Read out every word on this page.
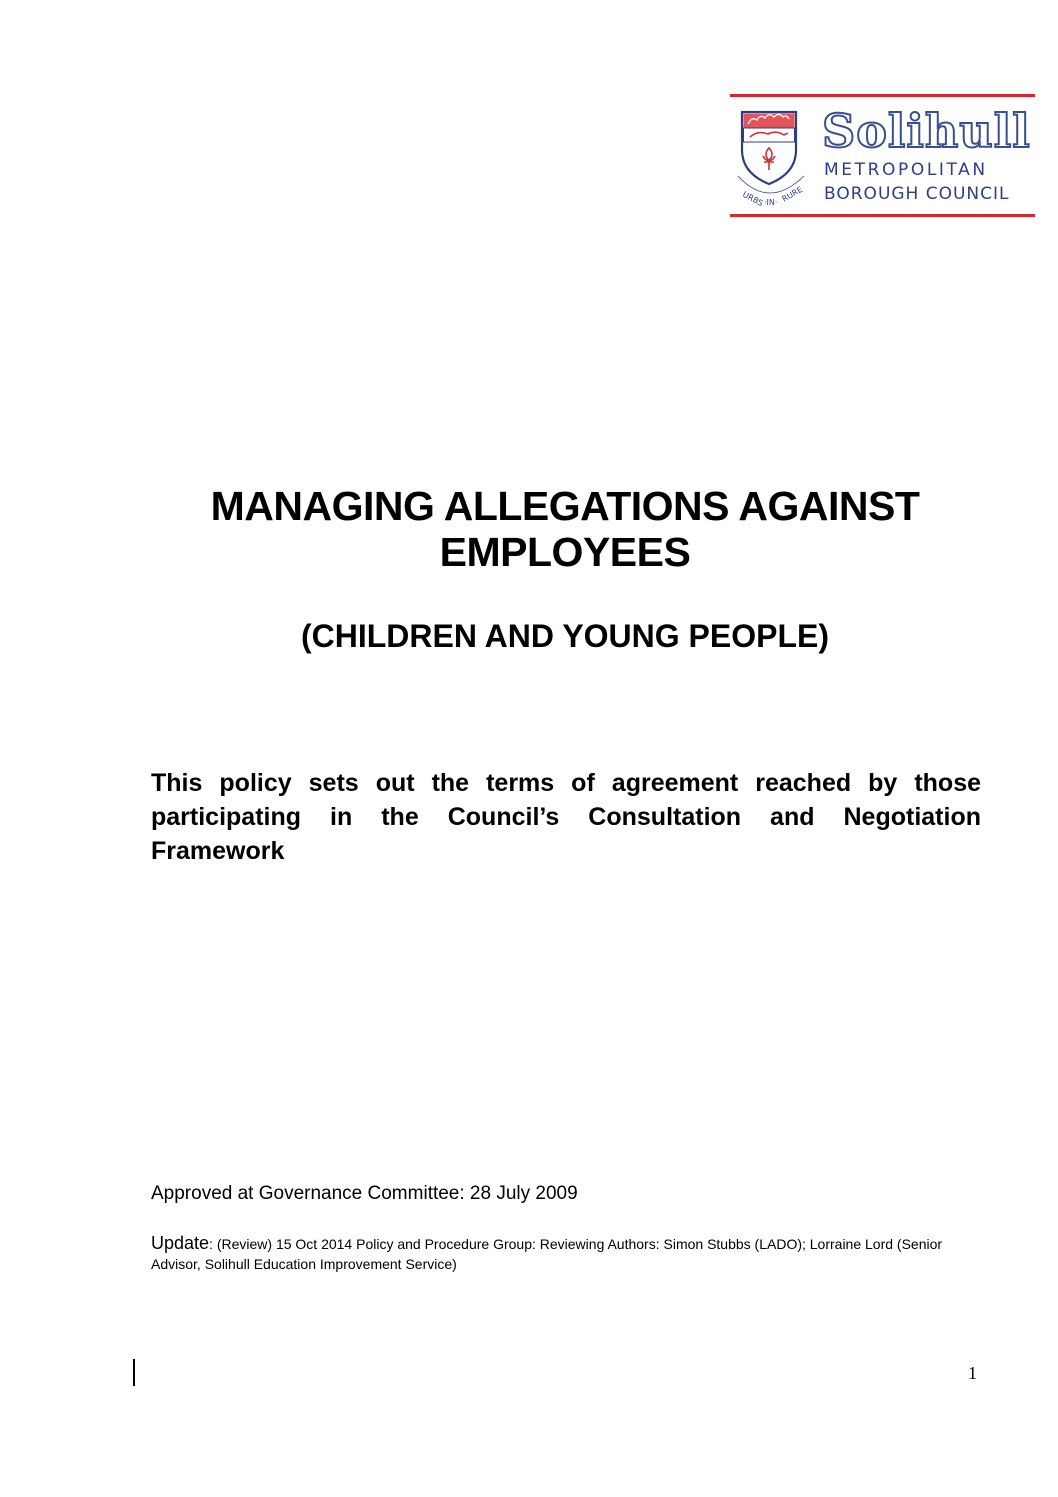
URBS ·IN· RURE
Solihull
METROPOLITAN
BOROUGH COUNCIL
MANAGING ALLEGATIONS AGAINST
EMPLOYEES
(CHILDREN AND YOUNG PEOPLE)
This policy sets out the terms of agreement reached by those participating in the Council’s Consultation and Negotiation Framework
Approved at Governance Committee: 28 July 2009
Update: (Review) 15 Oct 2014 Policy and Procedure Group: Reviewing Authors: Simon Stubbs (LADO); Lorraine Lord (Senior Advisor, Solihull Education Improvement Service)
1
